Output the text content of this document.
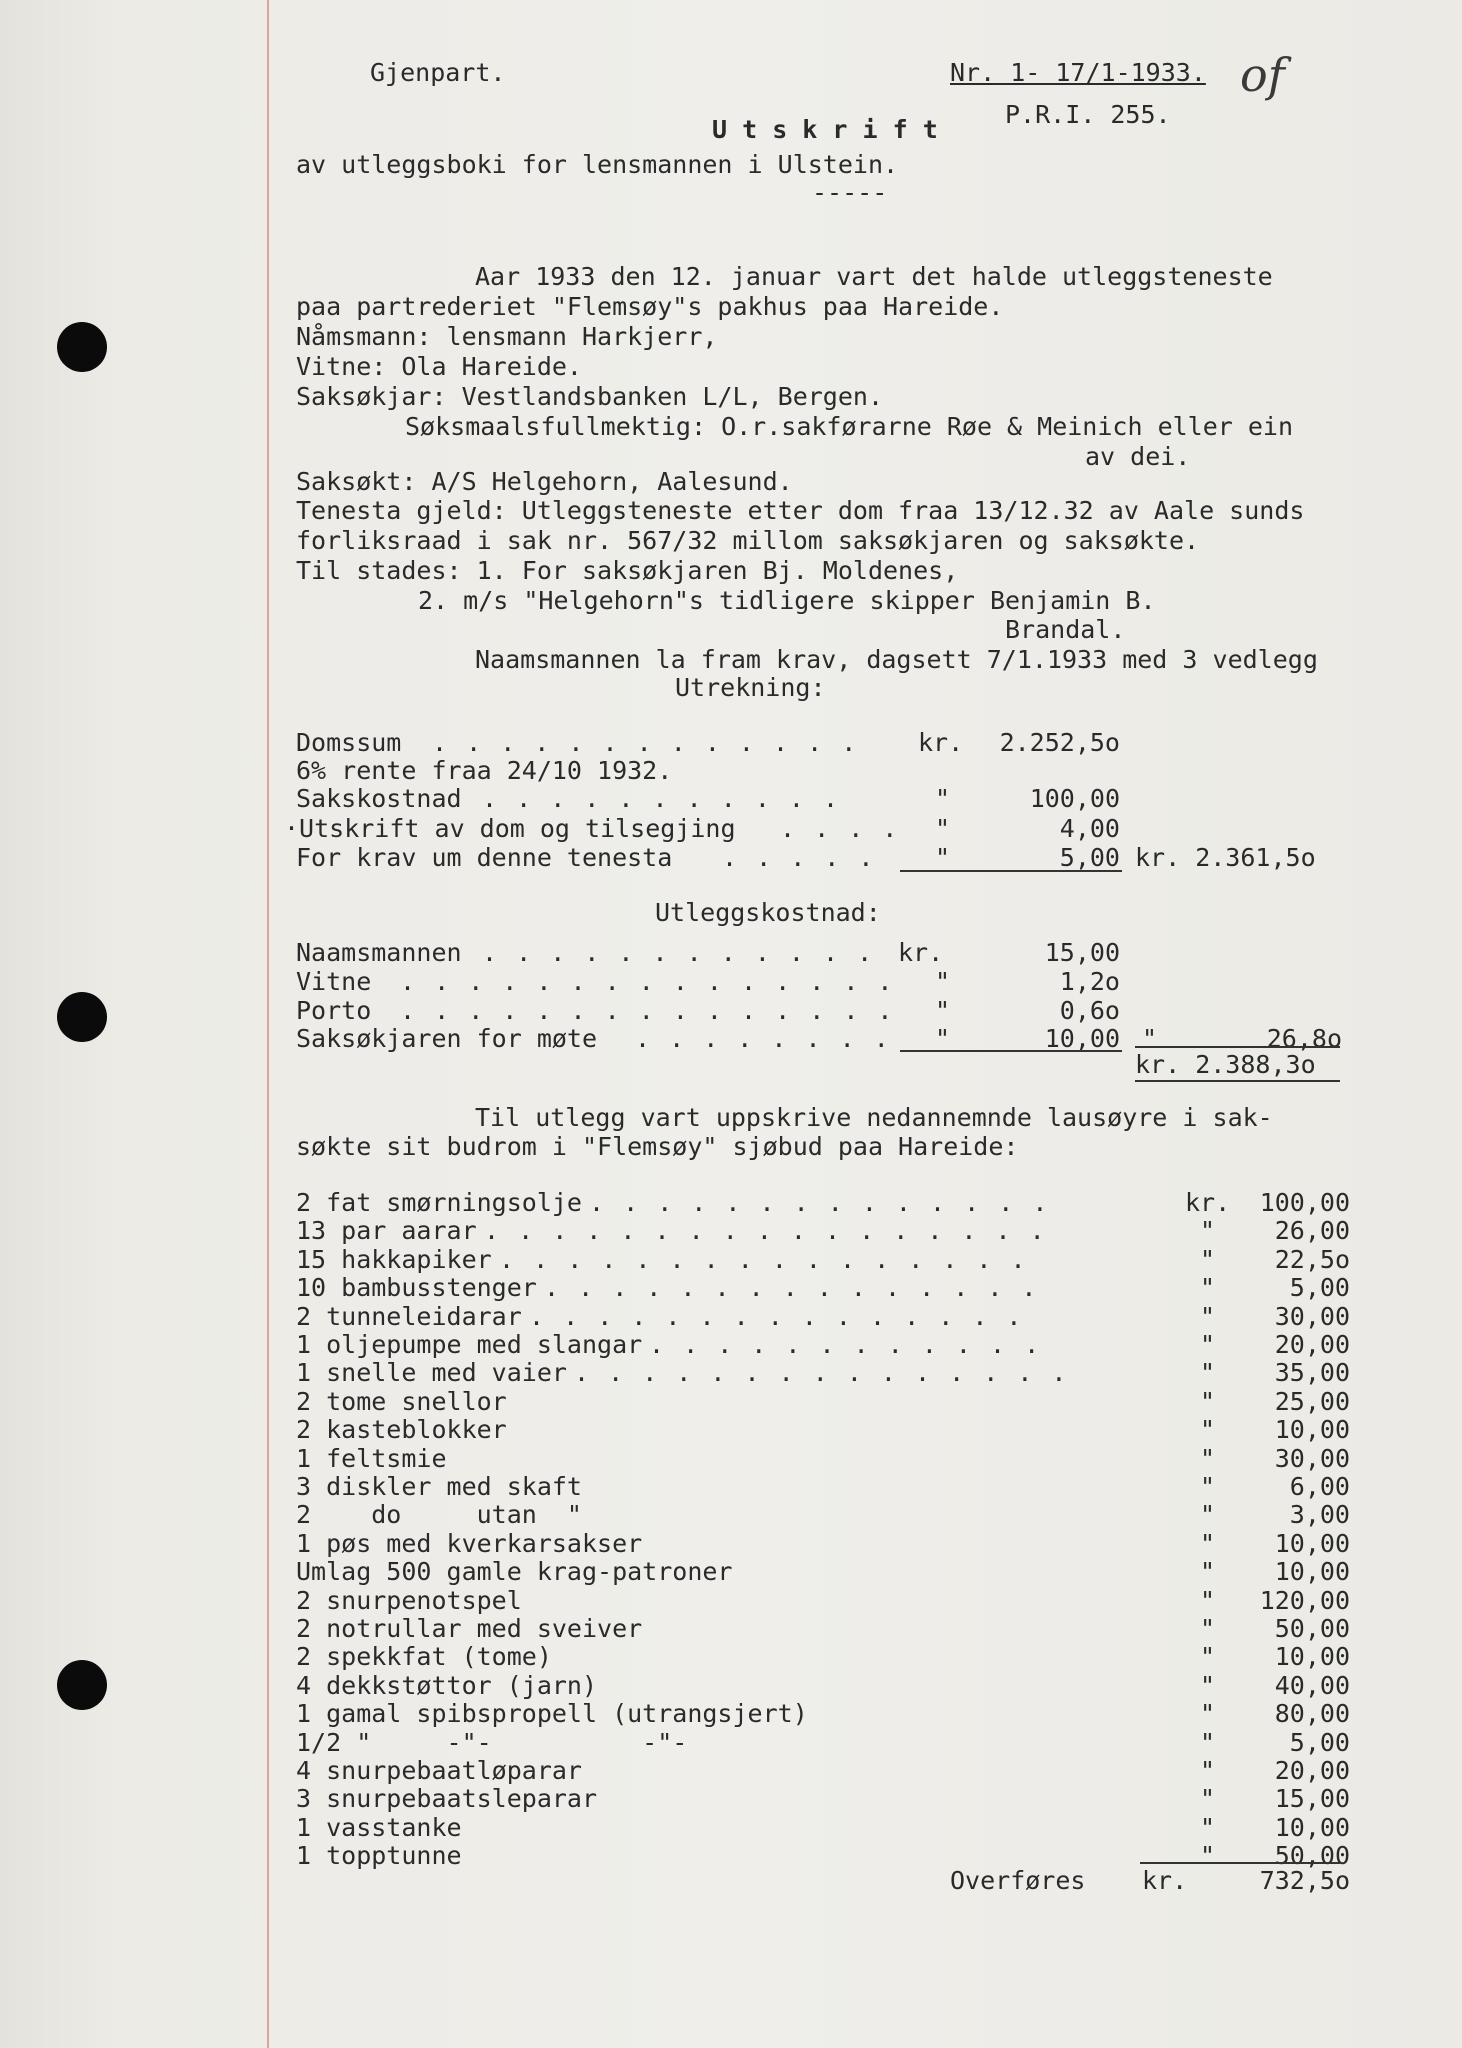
Gjenpart.	Nr. 1- 17/1-1933.
P.R.I. 255.
of
U t s k r i f t
av utleggsboki for lensmannen i Ulstein.
-----
Aar 1933 den 12. januar vart det halde utleggsteneste
paa partrederiet "Flemsøy"s pakhus paa Hareide.
Nåmsmann: lensmann Harkjerr,
Vitne: Ola Hareide.
Saksøkjar: Vestlandsbanken L/L, Bergen.
Søksmaalsfullmektig: O.r.sakførarne Røe & Meinich eller ein
av dei.
Saksøkt: A/S Helgehorn, Aalesund.
Tenesta gjeld: Utleggsteneste etter dom fraa 13/12.32 av Aale sunds
forliksraad i sak nr. 567/32 millom saksøkjaren og saksøkte.
Til stades: 1. For saksøkjaren Bj. Moldenes,
2. m/s "Helgehorn"s tidligere skipper Benjamin B.
Brandal.
Naamsmannen la fram krav, dagsett 7/1.1933 med 3 vedlegg
Utrekning:
Domssum . . . . . . . . . . . . . kr.	2.252,5o
6% rente fraa 24/10 1932.
Sakskostnad . . . . . . . . . . .	"	100,00
·Utskrift av dom og tilsegjing . . . . "	4,00
For krav um denne tenesta . . . . . "	5,00 kr. 2.361,5o
Utleggskostnad:
Naamsmannen . . . . . . . . . . . . kr.	15,00
Vitne . . . . . . . . . . . . . . . "	1,2o
Porto . . . . . . . . . . . . . . . "	0,6o
Saksøkjaren for møte . . . . . . . . "	10,00 "	26,8o
kr. 2.388,3o
Til utlegg vart uppskrive nedannemnde lausøyre i sak-
søkte sit budrom i "Flemsøy" sjøbud paa Hareide:
2 fat smørningsolje . . . . . . . . . . . . . .	kr.	100,00
13 par aarar . . . . . . . . . . . . . . . . .	"	26,00
15 hakkapiker . . . . . . . . . . . . . . . .	"	22,5o
10 bambusstenger . . . . . . . . . . . . . . .	"	5,00
2 tunneleidarar . . . . . . . . . . . . . . .	"	30,00
1 oljepumpe med slangar . . . . . . . . . . . .	"	20,00
1 snelle med vaier . . . . . . . . . . . . . . .	"	35,00
2 tome snellor	"	25,00
2 kasteblokker	"	10,00
1 feltsmie	"	30,00
3 diskler med skaft	"	6,00
2    do     utan  "	"	3,00
1 pøs med kverkarsakser	"	10,00
Umlag 500 gamle krag-patroner	"	10,00
2 snurpenotspel	"	120,00
2 notrullar med sveiver	"	50,00
2 spekkfat (tome)	"	10,00
4 dekkstøttor (jarn)	"	40,00
1 gamal spibspropell (utrangsjert)	"	80,00
1/2 "     -"-          -"-	"	5,00
4 snurpebaatløparar	"	20,00
3 snurpebaatsleparar	"	15,00
1 vasstanke	"	10,00
1 topptunne	"	50,00
Overføres kr.	732,5o
